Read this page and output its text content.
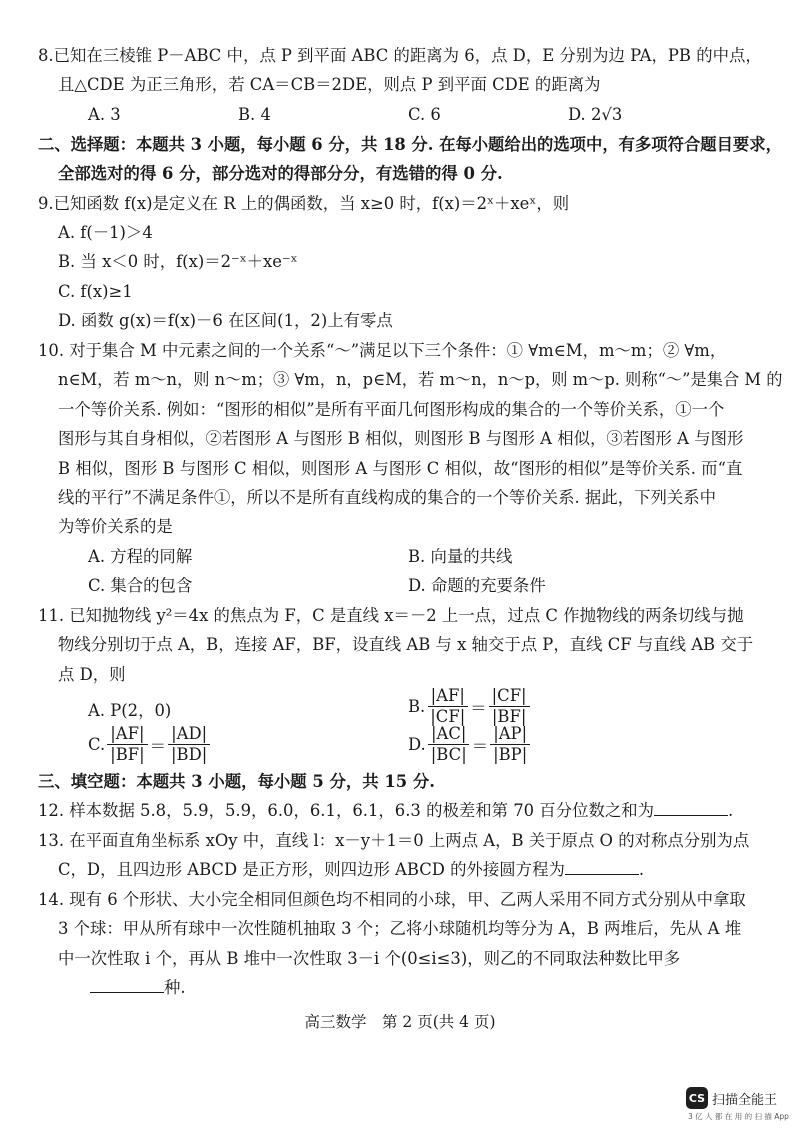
8.已知在三棱锥 P－ABC 中，点 P 到平面 ABC 的距离为 6，点 D，E 分别为边 PA，PB 的中点，
且△CDE 为正三角形，若 CA＝CB＝2DE，则点 P 到平面 CDE 的距离为
A. 3	B. 4	C. 6	D. 2√3
二、选择题：本题共 3 小题，每小题 6 分，共 18 分. 在每小题给出的选项中，有多项符合题目要求，
全部选对的得 6 分，部分选对的得部分分，有选错的得 0 分.
9.已知函数 f(x)是定义在 R 上的偶函数，当 x≥0 时，f(x)＝2ˣ＋xeˣ，则
A. f(－1)＞4
B. 当 x＜0 时，f(x)＝2⁻ˣ＋xe⁻ˣ
C. f(x)≥1
D. 函数 g(x)＝f(x)－6 在区间(1，2)上有零点
10. 对于集合 M 中元素之间的一个关系“～”满足以下三个条件：① ∀m∈M，m～m；② ∀m，
n∈M，若 m～n，则 n～m；③ ∀m，n，p∈M，若 m～n，n～p，则 m～p. 则称“～”是集合 M 的
一个等价关系. 例如：“图形的相似”是所有平面几何图形构成的集合的一个等价关系，①一个
图形与其自身相似，②若图形 A 与图形 B 相似，则图形 B 与图形 A 相似，③若图形 A 与图形
B 相似，图形 B 与图形 C 相似，则图形 A 与图形 C 相似，故“图形的相似”是等价关系. 而“直
线的平行”不满足条件①，所以不是所有直线构成的集合的一个等价关系. 据此，下列关系中
为等价关系的是
A. 方程的同解	B. 向量的共线
C. 集合的包含	D. 命题的充要条件
11. 已知抛物线 y²＝4x 的焦点为 F，C 是直线 x＝－2 上一点，过点 C 作抛物线的两条切线与抛
物线分别切于点 A，B，连接 AF，BF，设直线 AB 与 x 轴交于点 P，直线 CF 与直线 AB 交于
点 D，则
A. P(2，0)	B. $\frac{|AF|}{|CF|} = \frac{|CF|}{|BF|}$
C. $\frac{|AF|}{|BF|} = \frac{|AD|}{|BD|}$	D. $\frac{|AC|}{|BC|} = \frac{|AP|}{|BP|}$
三、填空题：本题共 3 小题，每小题 5 分，共 15 分.
12. 样本数据 5.8，5.9，5.9，6.0，6.1，6.1，6.3 的极差和第 70 百分位数之和为	.
13. 在平面直角坐标系 xOy 中，直线 l：x－y＋1＝0 上两点 A，B 关于原点 O 的对称点分别为点
C，D，且四边形 ABCD 是正方形，则四边形 ABCD 的外接圆方程为	.
14. 现有 6 个形状、大小完全相同但颜色均不相同的小球，甲、乙两人采用不同方式分别从中拿取
3 个球：甲从所有球中一次性随机抽取 3 个；乙将小球随机均等分为 A，B 两堆后，先从 A 堆
中一次性取 i 个，再从 B 堆中一次性取 3－i 个(0≤i≤3)，则乙的不同取法种数比甲多
种.
高三数学　第 2 页(共 4 页)
CS 扫描全能王
3 亿 人 都 在 用 的 扫 描 App
